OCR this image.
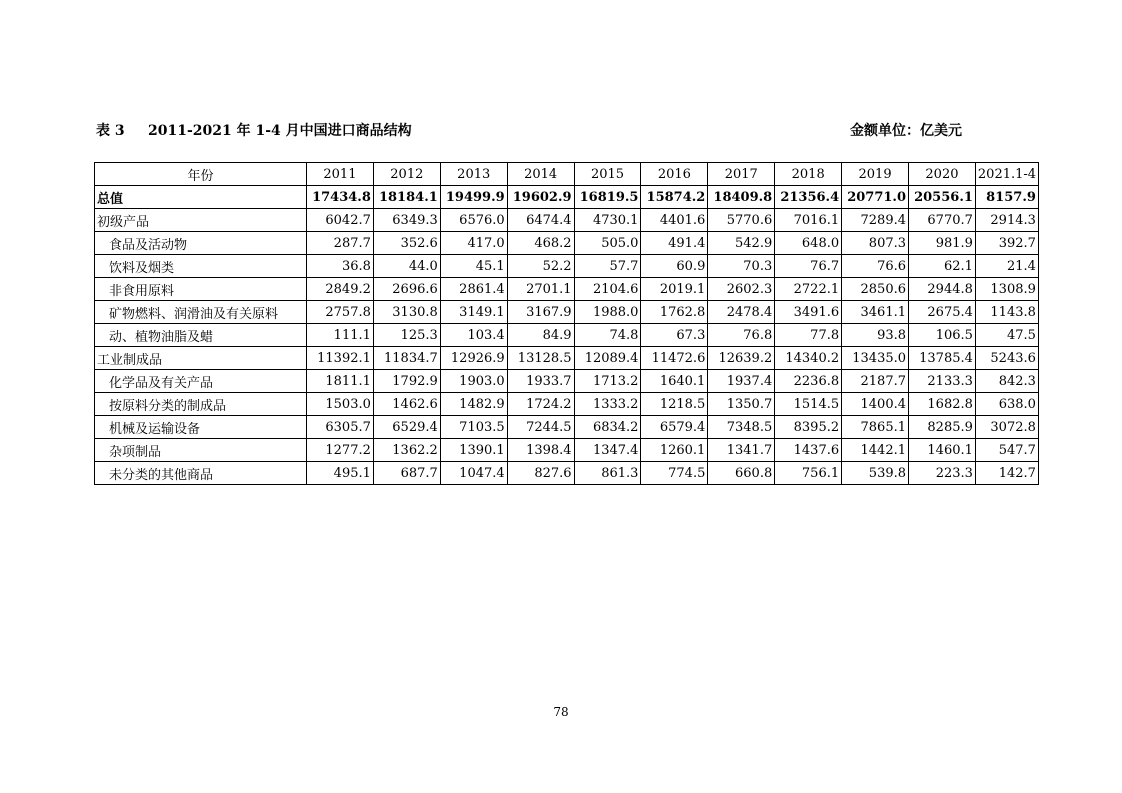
表 3 2011-2021 年 1-4 月中国进口商品结构	金额单位：亿美元
年份	2011	2012	2013	2014	2015	2016	2017	2018	2019	2020	2021.1-4
总值	17434.8	18184.1	19499.9	19602.9	16819.5	15874.2	18409.8	21356.4	20771.0	20556.1	8157.9
初级产品	6042.7	6349.3	6576.0	6474.4	4730.1	4401.6	5770.6	7016.1	7289.4	6770.7	2914.3
食品及活动物	287.7	352.6	417.0	468.2	505.0	491.4	542.9	648.0	807.3	981.9	392.7
饮料及烟类	36.8	44.0	45.1	52.2	57.7	60.9	70.3	76.7	76.6	62.1	21.4
非食用原料	2849.2	2696.6	2861.4	2701.1	2104.6	2019.1	2602.3	2722.1	2850.6	2944.8	1308.9
矿物燃料、润滑油及有关原料	2757.8	3130.8	3149.1	3167.9	1988.0	1762.8	2478.4	3491.6	3461.1	2675.4	1143.8
动、植物油脂及蜡	111.1	125.3	103.4	84.9	74.8	67.3	76.8	77.8	93.8	106.5	47.5
工业制成品	11392.1	11834.7	12926.9	13128.5	12089.4	11472.6	12639.2	14340.2	13435.0	13785.4	5243.6
化学品及有关产品	1811.1	1792.9	1903.0	1933.7	1713.2	1640.1	1937.4	2236.8	2187.7	2133.3	842.3
按原料分类的制成品	1503.0	1462.6	1482.9	1724.2	1333.2	1218.5	1350.7	1514.5	1400.4	1682.8	638.0
机械及运输设备	6305.7	6529.4	7103.5	7244.5	6834.2	6579.4	7348.5	8395.2	7865.1	8285.9	3072.8
杂项制品	1277.2	1362.2	1390.1	1398.4	1347.4	1260.1	1341.7	1437.6	1442.1	1460.1	547.7
未分类的其他商品	495.1	687.7	1047.4	827.6	861.3	774.5	660.8	756.1	539.8	223.3	142.7
78
